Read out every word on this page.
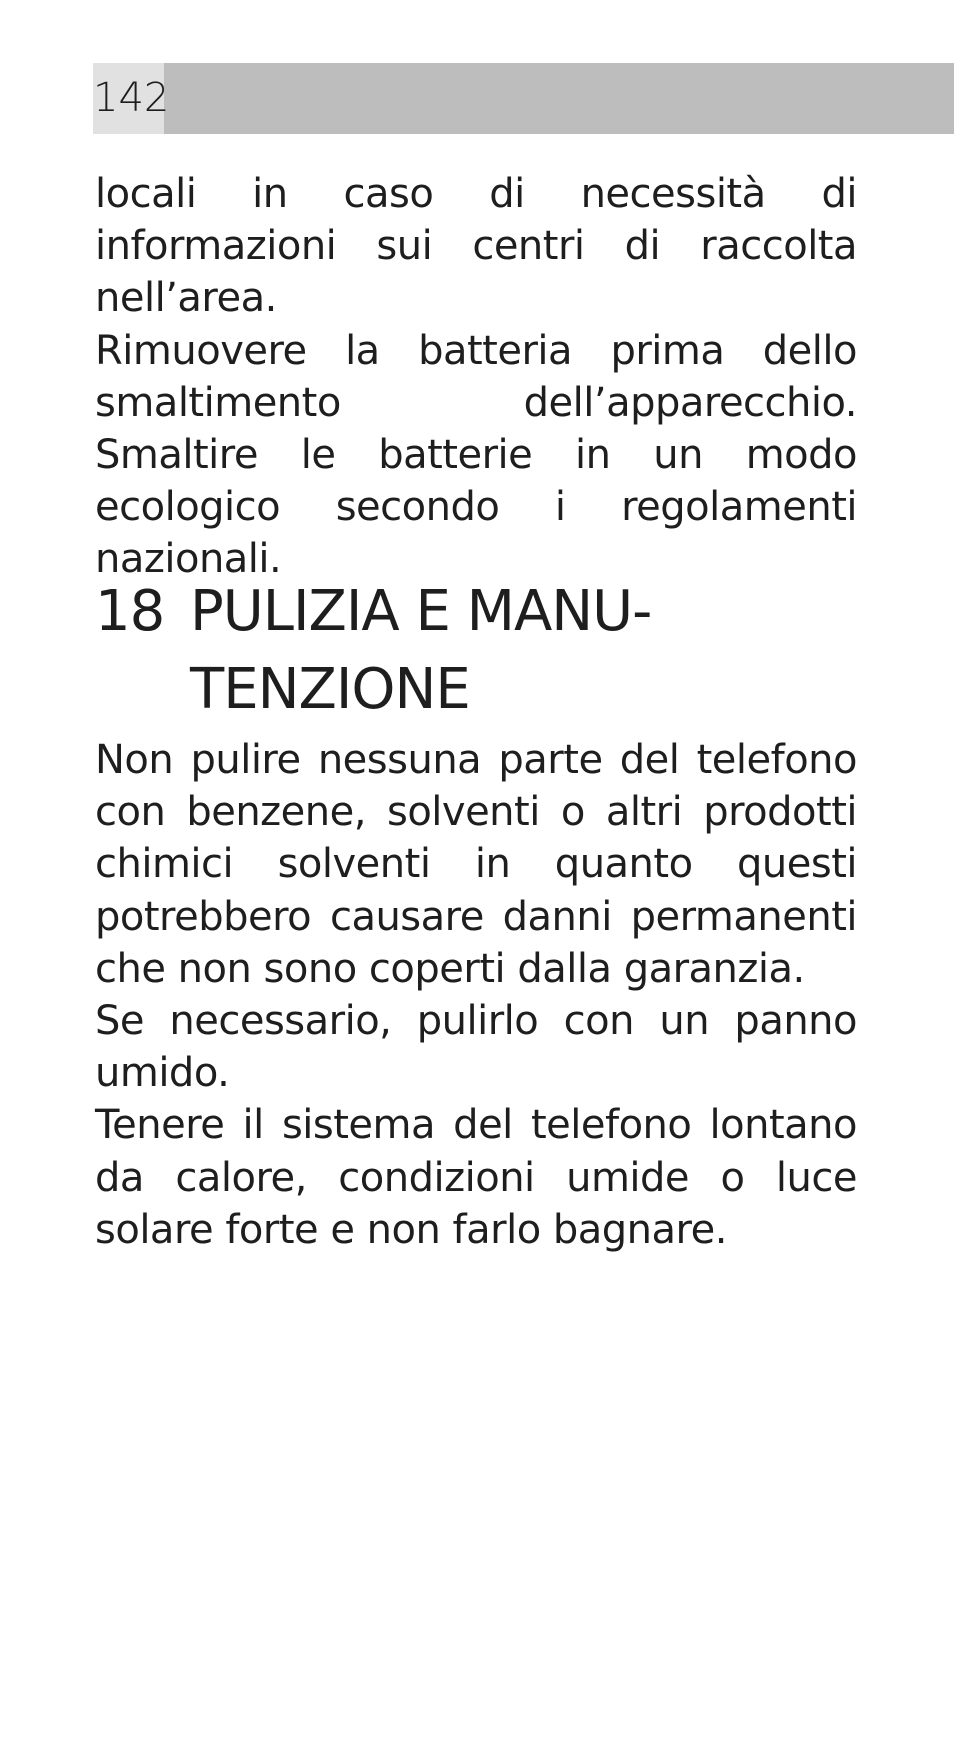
142

locali in caso di necessità di informazioni sui centri di raccolta nell’area.

Rimuovere la batteria prima dello smaltimento dell’apparecchio. Smaltire le batterie in un modo ecologico secondo i regolamenti nazionali.

18 PULIZIA E MANU-
TENZIONE

Non pulire nessuna parte del telefono con benzene, solventi o altri prodotti chimici solventi in quanto questi potrebbero causare danni permanenti che non sono coperti dalla garanzia.

Se necessario, pulirlo con un panno umido.

Tenere il sistema del telefono lontano da calore, condizioni umide o luce solare forte e non farlo bagnare.
